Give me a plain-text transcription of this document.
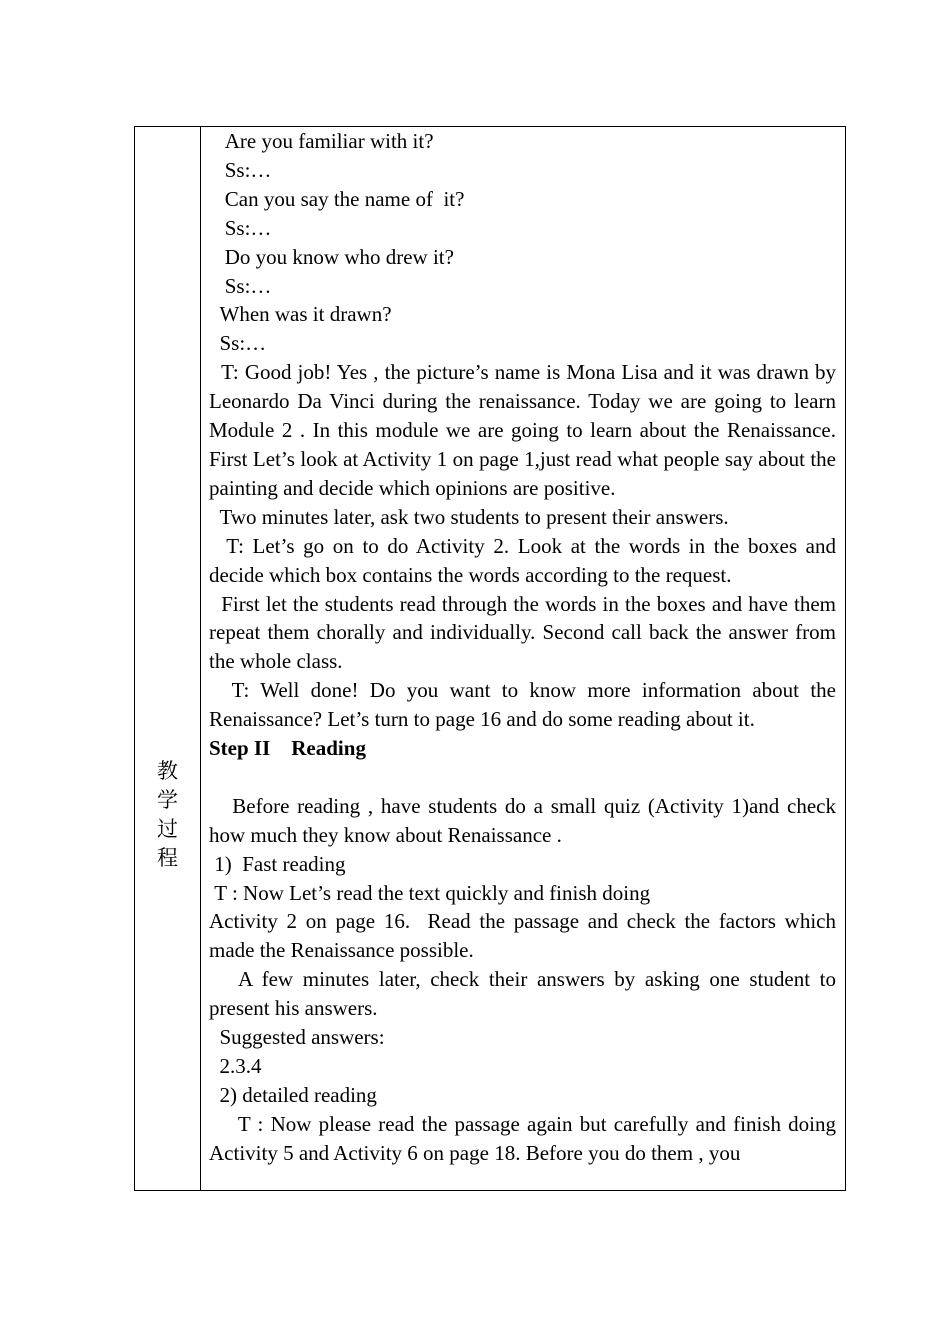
教学过程

Are you familiar with it?

Ss:…

Can you say the name of  it?

Ss:…

Do you know who drew it?

Ss:…

When was it drawn?

Ss:…

T: Good job! Yes , the picture’s name is Mona Lisa and it was drawn by Leonardo Da Vinci during the renaissance. Today we are going to learn Module 2 . In this module we are going to learn about the Renaissance. First Let’s look at Activity 1 on page 1,just read what people say about the painting and decide which opinions are positive.

Two minutes later, ask two students to present their answers.

T: Let’s go on to do Activity 2. Look at the words in the boxes and decide which box contains the words according to the request.

First let the students read through the words in the boxes and have them repeat them chorally and individually. Second call back the answer from the whole class.

T: Well done! Do you want to know more information about the Renaissance? Let’s turn to page 16 and do some reading about it.

Step II    Reading

Before reading , have students do a small quiz (Activity 1)and check how much they know about Renaissance .

1)  Fast reading

T : Now Let’s read the text quickly and finish doing

Activity 2 on page 16.  Read the passage and check the factors which made the Renaissance possible.

A few minutes later, check their answers by asking one student to present his answers.

Suggested answers:

2.3.4

2) detailed reading

T : Now please read the passage again but carefully and finish doing Activity 5 and Activity 6 on page 18. Before you do them , you
